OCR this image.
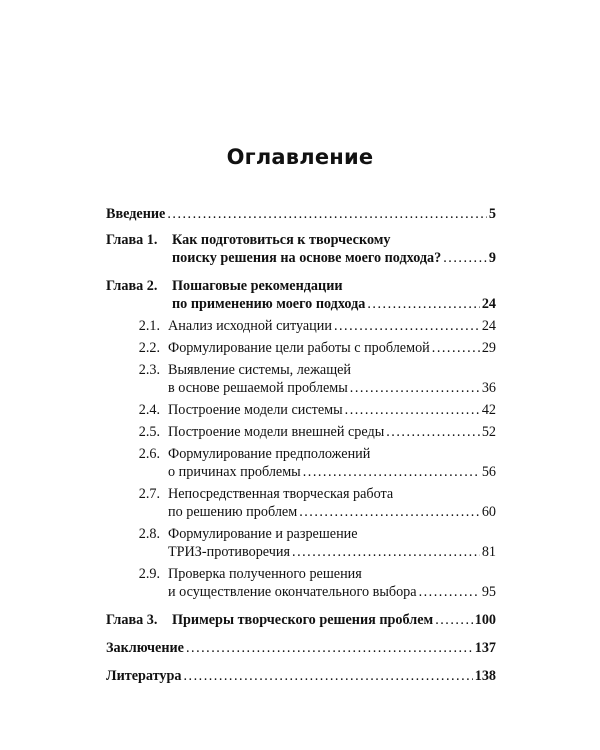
Оглавление
Введение .....	5
Глава 1.	Как подготовиться к творческому
поиску решения на основе моего подхода? .....	9
Глава 2.	Пошаговые рекомендации
по применению моего подхода .....	24
2.1. Анализ исходной ситуации .....	24
2.2. Формулирование цели работы с проблемой .....	29
2.3. Выявление системы, лежащей
в основе решаемой проблемы .....	36
2.4. Построение модели системы .....	42
2.5. Построение модели внешней среды .....	52
2.6. Формулирование предположений
о причинах проблемы .....	56
2.7. Непосредственная творческая работа
по решению проблем .....	60
2.8. Формулирование и разрешение
ТРИЗ-противоречия .....	81
2.9. Проверка полученного решения
и осуществление окончательного выбора .....	95
Глава 3.	Примеры творческого решения проблем .....	100
Заключение .....	137
Литература .....	138
